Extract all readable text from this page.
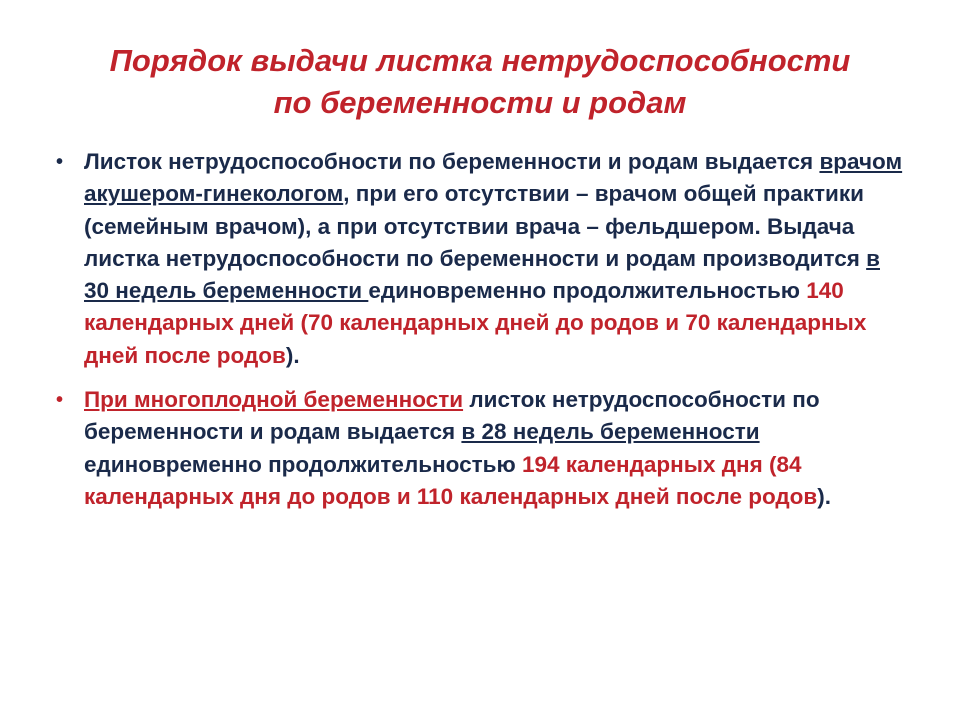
Порядок выдачи листка нетрудоспособности
по беременности и родам
• Листок нетрудоспособности по беременности и родам выдается врачом акушером-гинекологом, при его отсутствии – врачом общей практики (семейным врачом), а при отсутствии врача – фельдшером. Выдача листка нетрудоспособности по беременности и родам производится в 30 недель беременности единовременно продолжительностью 140 календарных дней (70 календарных дней до родов и 70 календарных дней после родов).
• При многоплодной беременности листок нетрудоспособности по беременности и родам выдается в 28 недель беременности единовременно продолжительностью 194 календарных дня (84 календарных дня до родов и 110 календарных дней после родов).
